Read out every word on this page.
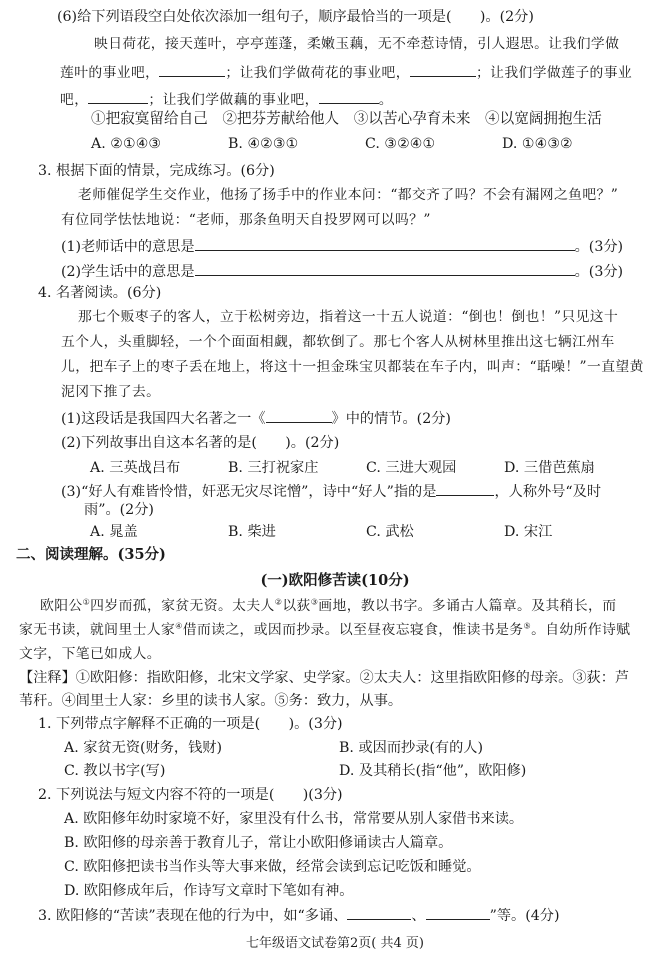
(6)给下列语段空白处依次添加一组句子，顺序最恰当的一项是(　　)。(2分)
映日荷花，接天莲叶，亭亭莲蓬，柔嫩玉藕，无不牵惹诗情，引人遐思。让我们学做
莲叶的事业吧，	；让我们学做荷花的事业吧，	；让我们学做莲子的事业
吧，	；让我们学做藕的事业吧，	。
①把寂寞留给自己　②把芬芳献给他人　③以苦心孕育未来　④以宽阔拥抱生活
A. ②①④③	B. ④②③①	C. ③②④①	D. ①④③②
3. 根据下面的情景，完成练习。(6分)
老师催促学生交作业，他扬了扬手中的作业本问：“都交齐了吗？不会有漏网之鱼吧？”
有位同学怯怯地说：“老师，那条鱼明天自投罗网可以吗？”
(1)老师话中的意思是	。(3分)
(2)学生话中的意思是	。(3分)
4. 名著阅读。(6分)
那七个贩枣子的客人，立于松树旁边，指着这一十五人说道：“倒也！倒也！”只见这十
五个人，头重脚轻，一个个面面相觑，都软倒了。那七个客人从树林里推出这七辆江州车
儿，把车子上的枣子丢在地上，将这十一担金珠宝贝都装在车子内，叫声：“聒噪！”一直望黄
泥冈下推了去。
(1)这段话是我国四大名著之一《	》中的情节。(2分)
(2)下列故事出自这本名著的是(　　)。(2分)
A. 三英战吕布	B. 三打祝家庄	C. 三进大观园	D. 三借芭蕉扇
(3)“好人有难皆怜惜，奸恶无灾尽诧憎”，诗中“好人”指的是	，人称外号“及时
雨”。(2分)
A. 晁盖	B. 柴进	C. 武松	D. 宋江
二、阅读理解。(35分)
(一)欧阳修苦读(10分)
欧阳公①四岁而孤，家贫无资。太夫人②以荻③画地，教以书字。多诵古人篇章。及其稍长，而
家无书读，就闾里士人家④借而读之，或因而抄录。以至昼夜忘寝食，惟读书是务⑤。自幼所作诗赋
文字，下笔已如成人。
【注释】①欧阳修：指欧阳修，北宋文学家、史学家。②太夫人：这里指欧阳修的母亲。③荻：芦
苇秆。④闾里士人家：乡里的读书人家。⑤务：致力，从事。
1. 下列带点字解释不正确的一项是(　　)。(3分)
A. 家贫无资(财务，钱财)	B. 或因而抄录(有的人)
C. 教以书字(写)	D. 及其稍长(指“他”，欧阳修)
2. 下列说法与短文内容不符的一项是(　　)(3分)
A. 欧阳修年幼时家境不好，家里没有什么书，常常要从别人家借书来读。
B. 欧阳修的母亲善于教育儿子，常让小欧阳修诵读古人篇章。
C. 欧阳修把读书当作头等大事来做，经常会读到忘记吃饭和睡觉。
D. 欧阳修成年后，作诗写文章时下笔如有神。
3. 欧阳修的“苦读”表现在他的行为中，如“多诵、	、	”等。(4分)
七年级语文试卷第2页( 共4 页)
